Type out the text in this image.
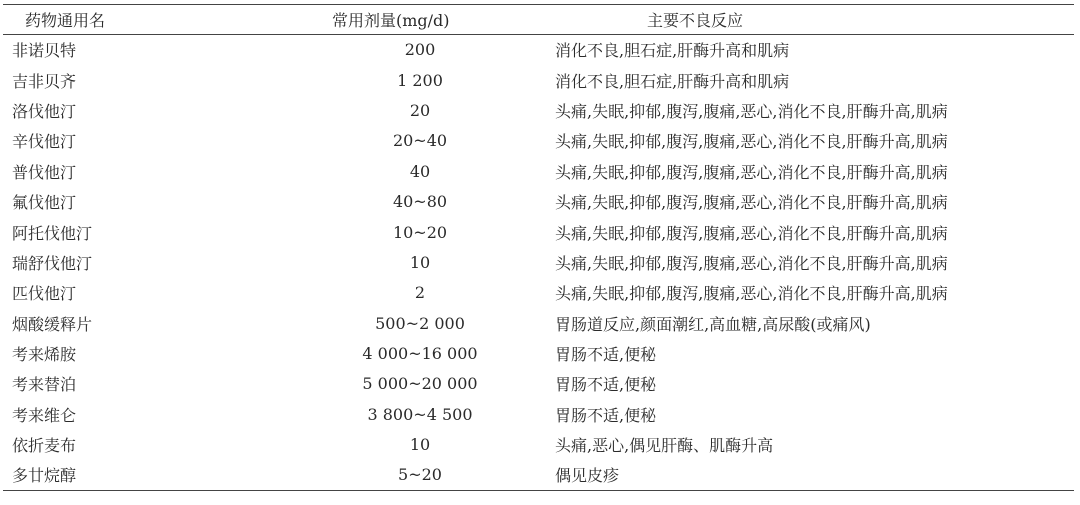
药物通用名	常用剂量(mg/d)	主要不良反应
非诺贝特	200	消化不良,胆石症,肝酶升高和肌病
吉非贝齐	1 200	消化不良,胆石症,肝酶升高和肌病
洛伐他汀	20	头痛,失眠,抑郁,腹泻,腹痛,恶心,消化不良,肝酶升高,肌病
辛伐他汀	20~40	头痛,失眠,抑郁,腹泻,腹痛,恶心,消化不良,肝酶升高,肌病
普伐他汀	40	头痛,失眠,抑郁,腹泻,腹痛,恶心,消化不良,肝酶升高,肌病
氟伐他汀	40~80	头痛,失眠,抑郁,腹泻,腹痛,恶心,消化不良,肝酶升高,肌病
阿托伐他汀	10~20	头痛,失眠,抑郁,腹泻,腹痛,恶心,消化不良,肝酶升高,肌病
瑞舒伐他汀	10	头痛,失眠,抑郁,腹泻,腹痛,恶心,消化不良,肝酶升高,肌病
匹伐他汀	2	头痛,失眠,抑郁,腹泻,腹痛,恶心,消化不良,肝酶升高,肌病
烟酸缓释片	500~2 000	胃肠道反应,颜面潮红,高血糖,高尿酸(或痛风)
考来烯胺	4 000~16 000	胃肠不适,便秘
考来替泊	5 000~20 000	胃肠不适,便秘
考来维仑	3 800~4 500	胃肠不适,便秘
依折麦布	10	头痛,恶心,偶见肝酶、肌酶升高
多廿烷醇	5~20	偶见皮疹
